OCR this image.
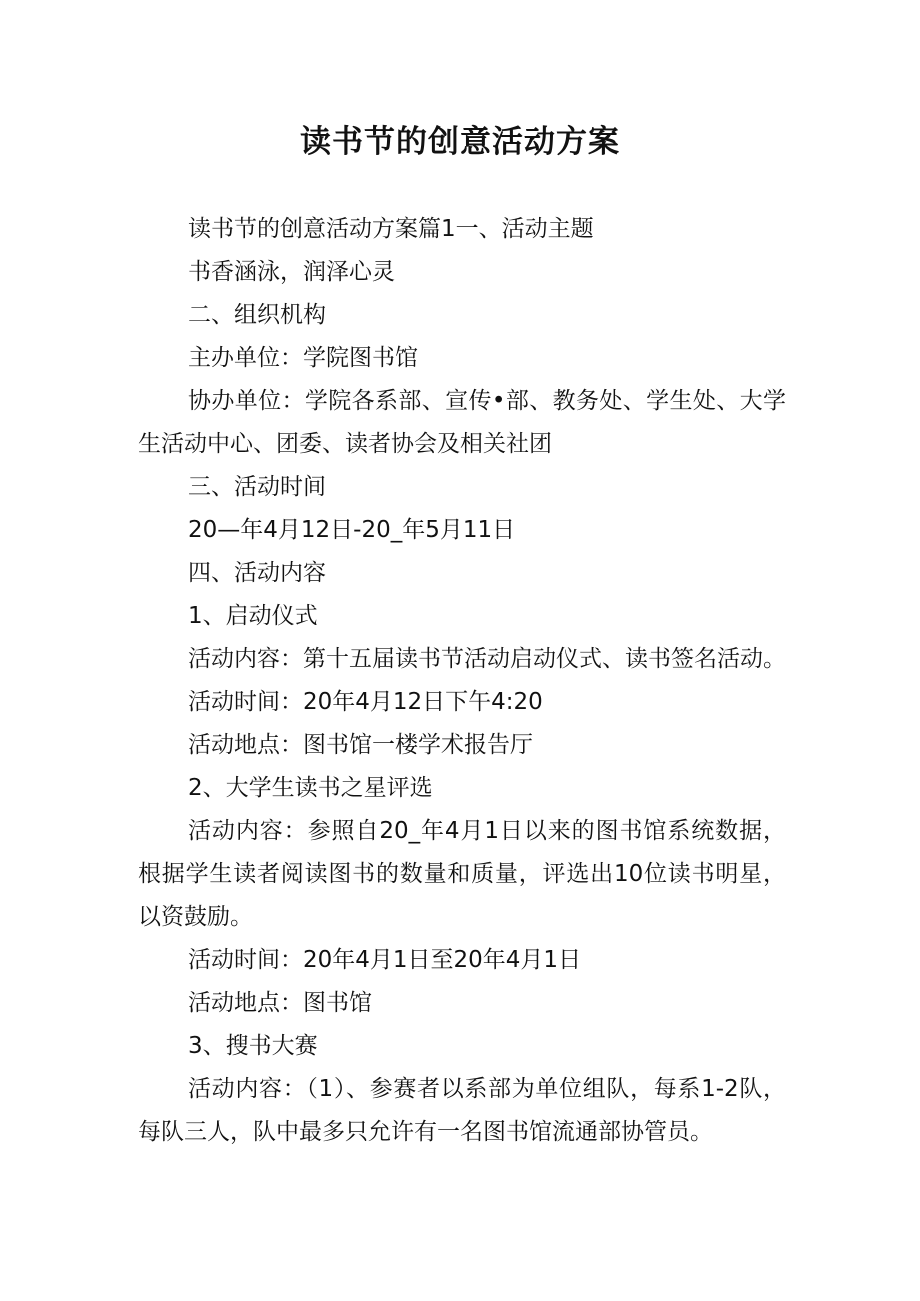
读书节的创意活动方案

读书节的创意活动方案篇1一、活动主题

书香涵泳，润泽心灵

二、组织机构

主办单位：学院图书馆

协办单位：学院各系部、宣传•部、教务处、学生处、大学生活动中心、团委、读者协会及相关社团

三、活动时间

20—年4月12日-20_年5月11日

四、活动内容

1、启动仪式

活动内容：第十五届读书节活动启动仪式、读书签名活动。

活动时间：20年4月12日下午4:20

活动地点：图书馆一楼学术报告厅

2、大学生读书之星评选

活动内容：参照自20_年4月1日以来的图书馆系统数据，根据学生读者阅读图书的数量和质量，评选出10位读书明星，以资鼓励。

活动时间：20年4月1日至20年4月1日

活动地点：图书馆

3、搜书大赛

活动内容：（1）、参赛者以系部为单位组队，每系1-2队，每队三人，队中最多只允许有一名图书馆流通部协管员。
